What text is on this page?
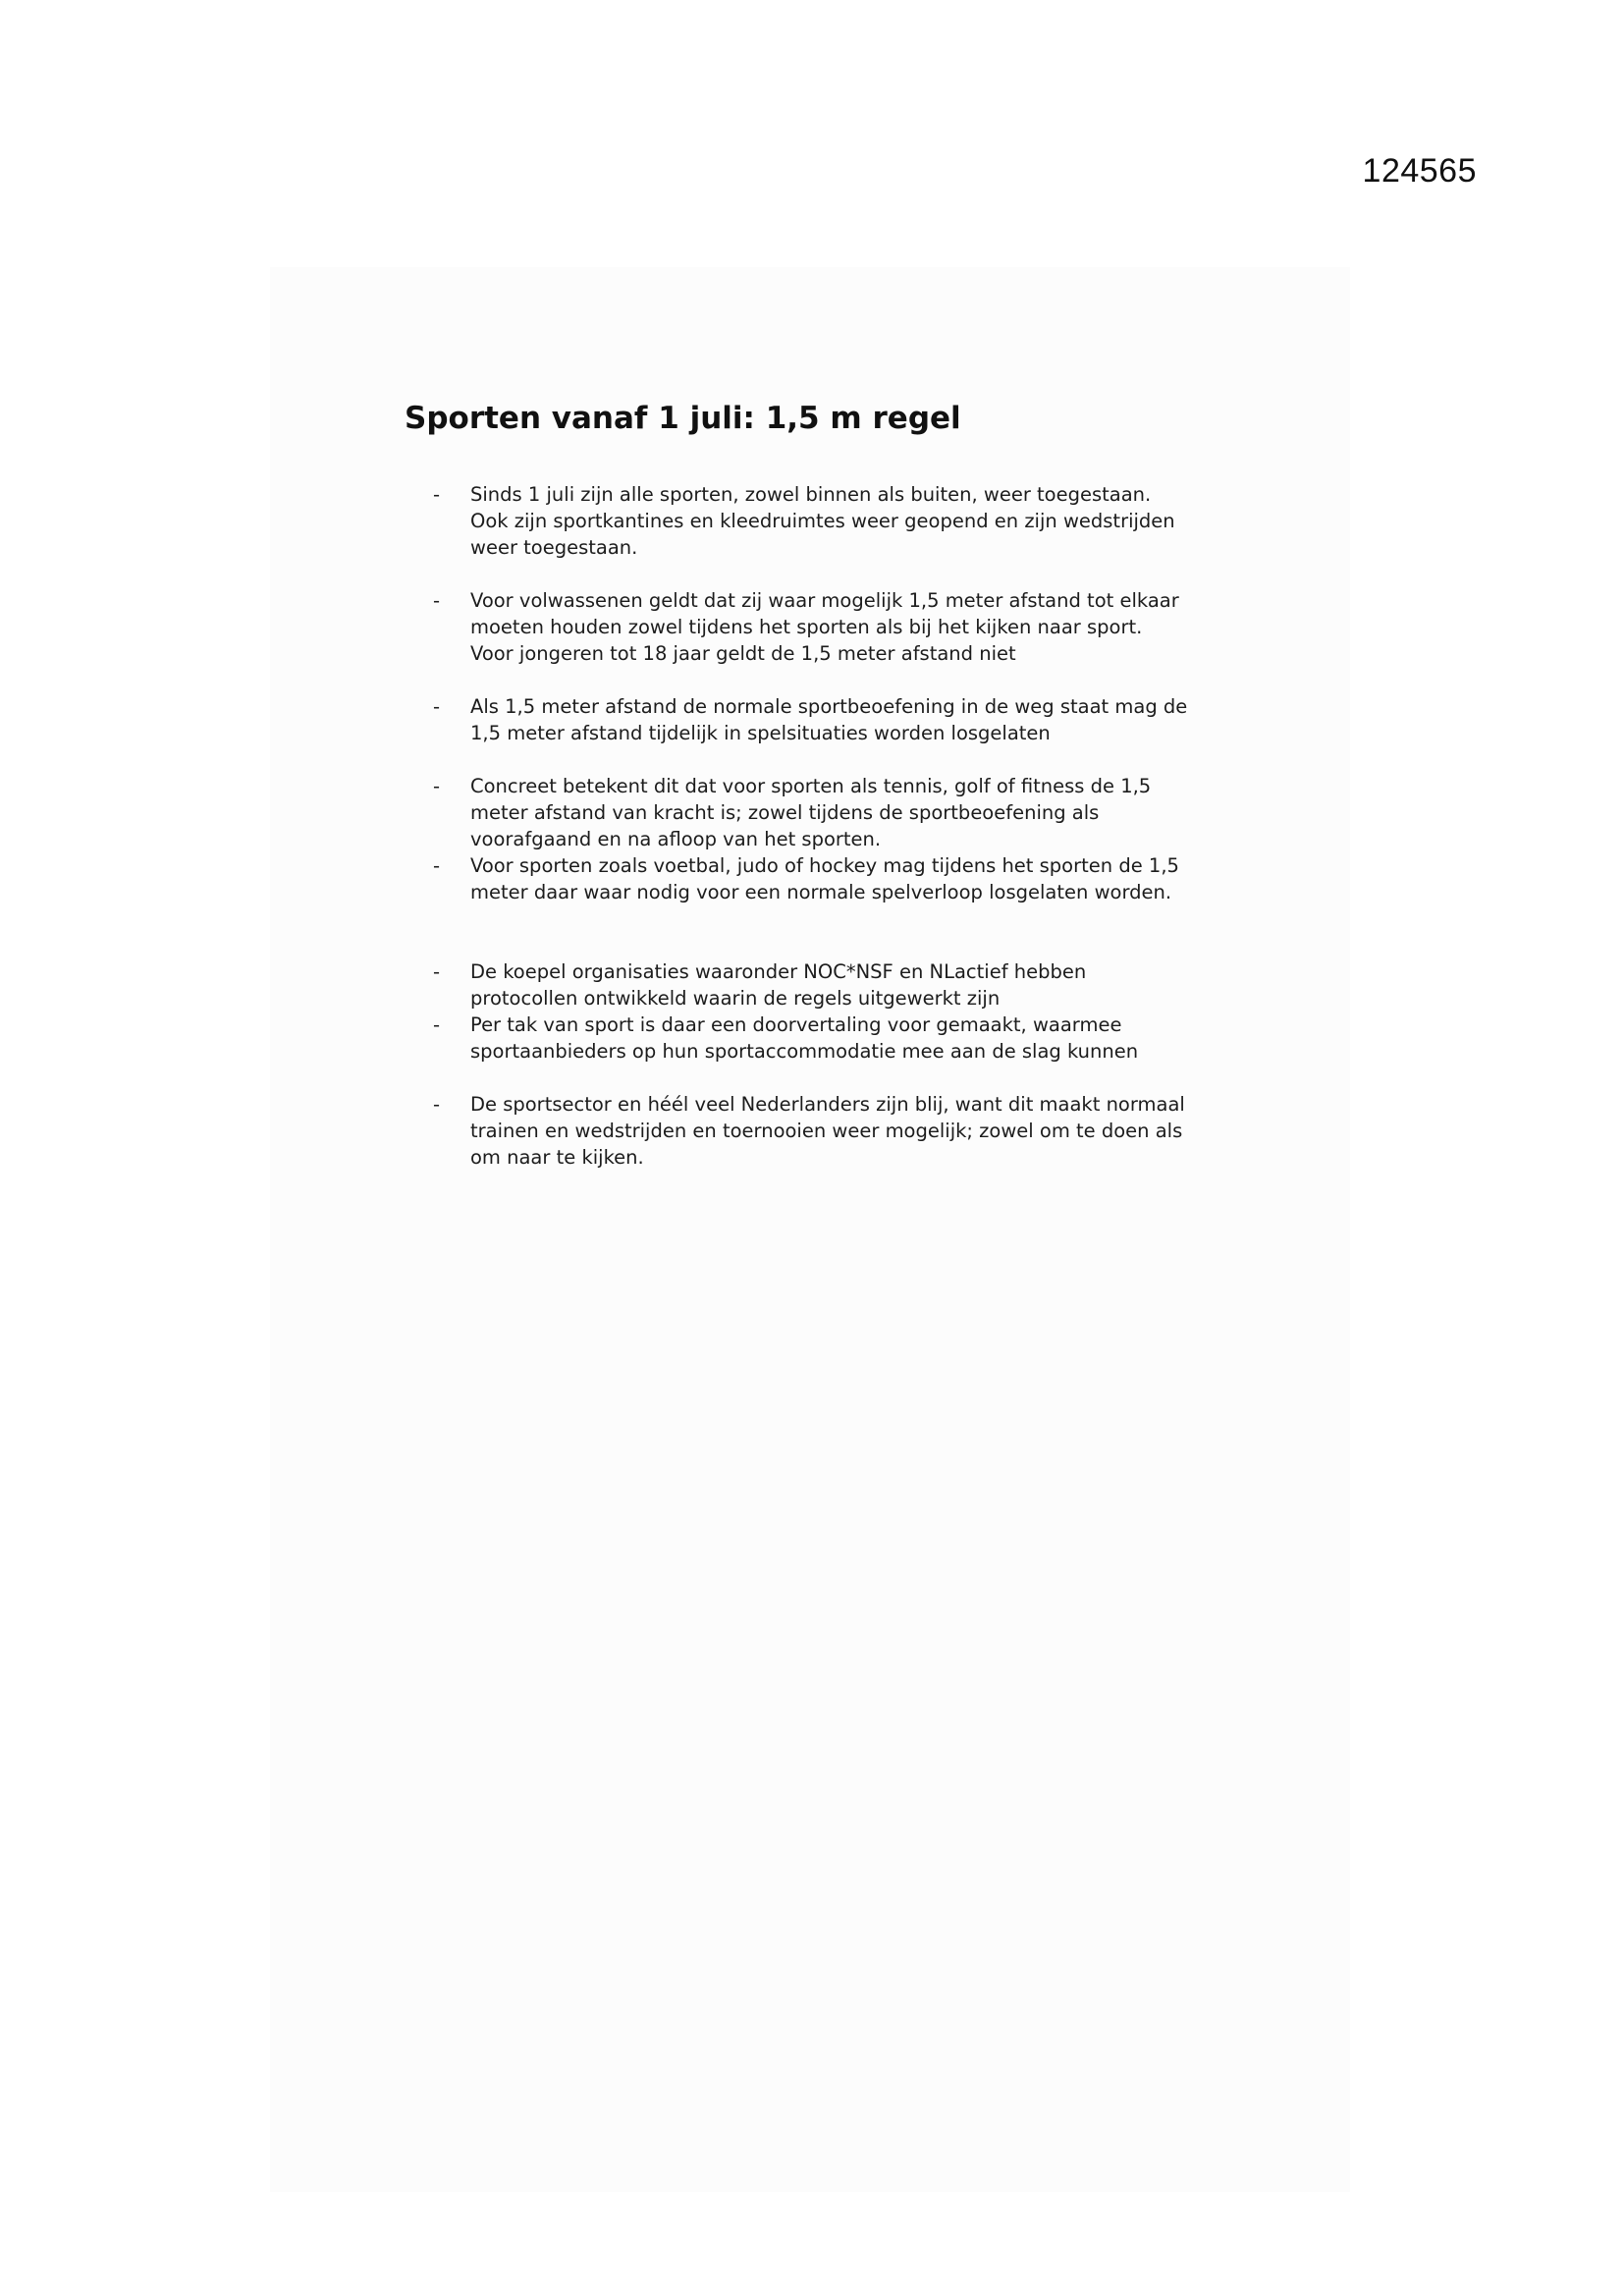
124565
Sporten vanaf 1 juli: 1,5 m regel
- Sinds 1 juli zijn alle sporten, zowel binnen als buiten, weer toegestaan.
Ook zijn sportkantines en kleedruimtes weer geopend en zijn wedstrijden
weer toegestaan.
- Voor volwassenen geldt dat zij waar mogelijk 1,5 meter afstand tot elkaar
moeten houden zowel tijdens het sporten als bij het kijken naar sport.
Voor jongeren tot 18 jaar geldt de 1,5 meter afstand niet
- Als 1,5 meter afstand de normale sportbeoefening in de weg staat mag de
1,5 meter afstand tijdelijk in spelsituaties worden losgelaten
- Concreet betekent dit dat voor sporten als tennis, golf of fitness de 1,5
meter afstand van kracht is; zowel tijdens de sportbeoefening als
voorafgaand en na afloop van het sporten.
- Voor sporten zoals voetbal, judo of hockey mag tijdens het sporten de 1,5
meter daar waar nodig voor een normale spelverloop losgelaten worden.
- De koepel organisaties waaronder NOC*NSF en NLactief hebben
protocollen ontwikkeld waarin de regels uitgewerkt zijn
- Per tak van sport is daar een doorvertaling voor gemaakt, waarmee
sportaanbieders op hun sportaccommodatie mee aan de slag kunnen
- De sportsector en héél veel Nederlanders zijn blij, want dit maakt normaal
trainen en wedstrijden en toernooien weer mogelijk; zowel om te doen als
om naar te kijken.
